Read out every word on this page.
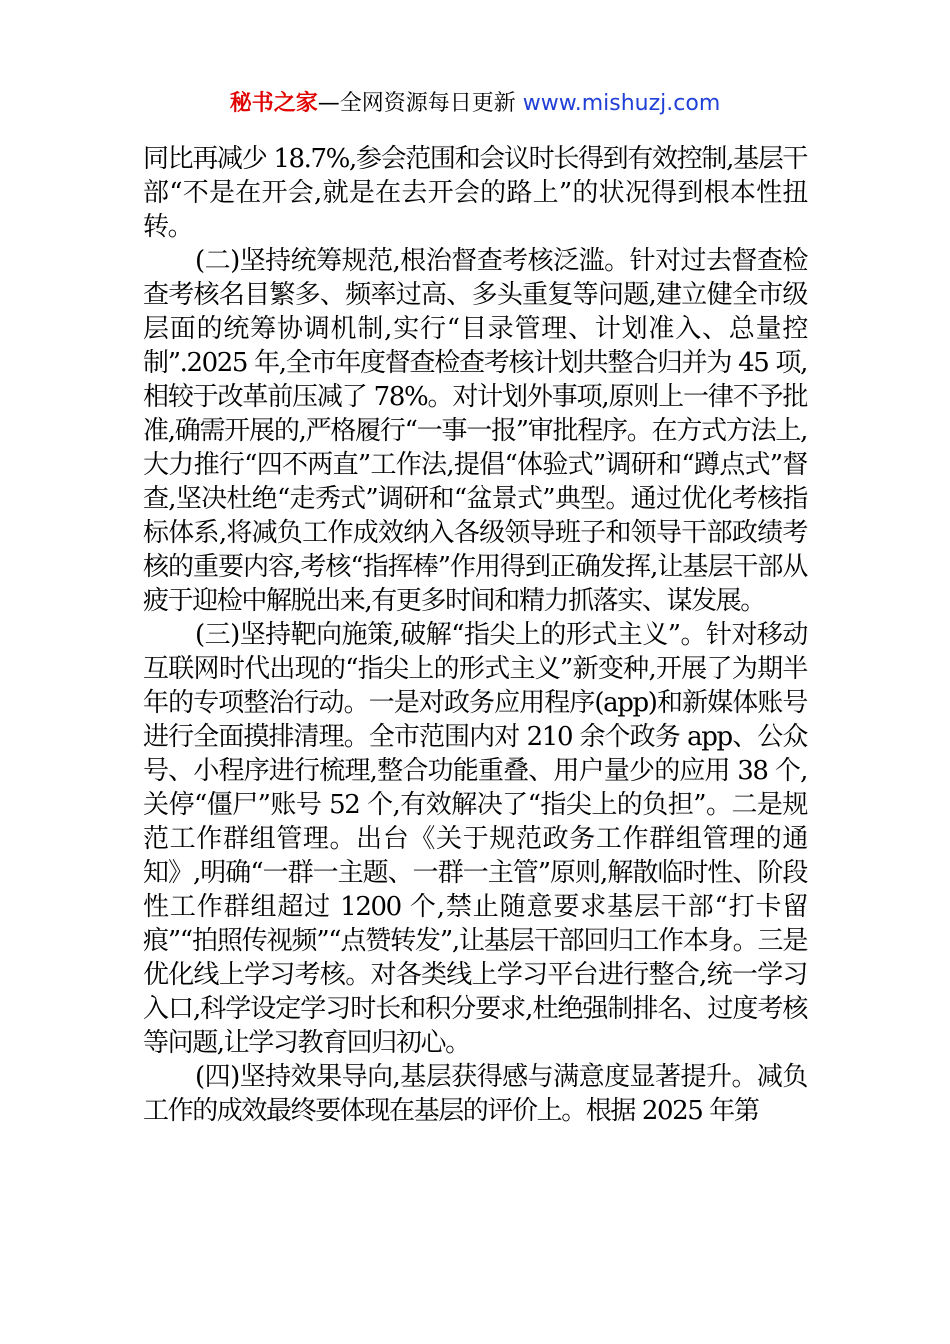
秘书之家—全网资源每日更新 www.mishuzj.com

同比再减少 18.7%,参会范围和会议时长得到有效控制,基层干部“不是在开会,就是在去开会的路上”的状况得到根本性扭转。

(二)坚持统筹规范,根治督查考核泛滥。针对过去督查检查考核名目繁多、频率过高、多头重复等问题,建立健全市级层面的统筹协调机制,实行“目录管理、计划准入、总量控制”.2025 年,全市年度督查检查考核计划共整合归并为 45 项,相较于改革前压减了 78%。对计划外事项,原则上一律不予批准,确需开展的,严格履行“一事一报”审批程序。在方式方法上,大力推行“四不两直”工作法,提倡“体验式”调研和“蹲点式”督查,坚决杜绝“走秀式”调研和“盆景式”典型。通过优化考核指标体系,将减负工作成效纳入各级领导班子和领导干部政绩考核的重要内容,考核“指挥棒”作用得到正确发挥,让基层干部从疲于迎检中解脱出来,有更多时间和精力抓落实、谋发展。

(三)坚持靶向施策,破解“指尖上的形式主义”。针对移动互联网时代出现的“指尖上的形式主义”新变种,开展了为期半年的专项整治行动。一是对政务应用程序(app)和新媒体账号进行全面摸排清理。全市范围内对 210 余个政务 app、公众号、小程序进行梳理,整合功能重叠、用户量少的应用 38 个,关停“僵尸”账号 52 个,有效解决了“指尖上的负担”。二是规范工作群组管理。出台《关于规范政务工作群组管理的通知》,明确“一群一主题、一群一主管”原则,解散临时性、阶段性工作群组超过 1200 个,禁止随意要求基层干部“打卡留痕”“拍照传视频”“点赞转发”,让基层干部回归工作本身。三是优化线上学习考核。对各类线上学习平台进行整合,统一学习入口,科学设定学习时长和积分要求,杜绝强制排名、过度考核等问题,让学习教育回归初心。

(四)坚持效果导向,基层获得感与满意度显著提升。减负工作的成效最终要体现在基层的评价上。根据 2025 年第
